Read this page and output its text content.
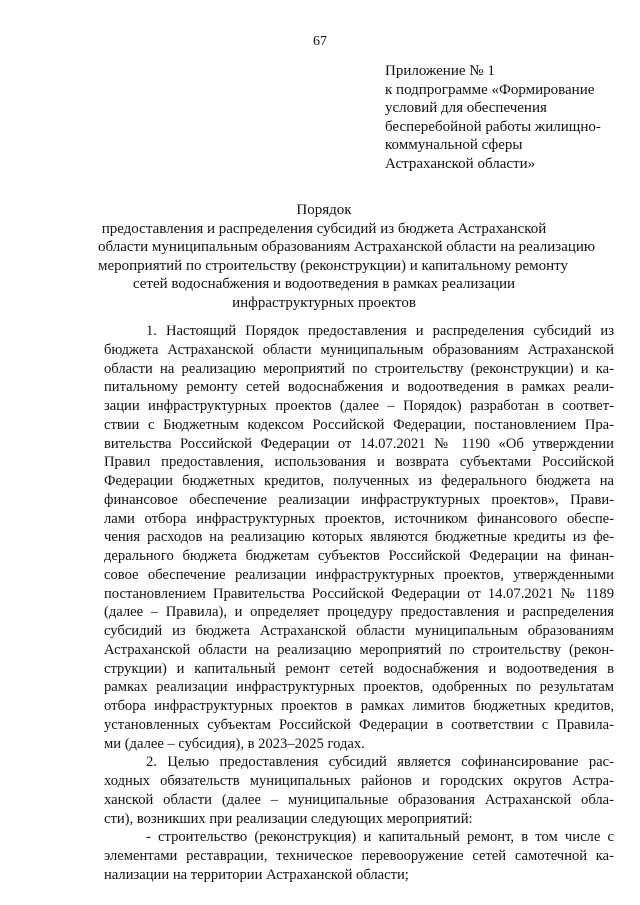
67
Приложение № 1
к подпрограмме «Формирование
условий для обеспечения
бесперебойной работы жилищно-
коммунальной сферы
Астраханской области»
Порядок
предоставления и распределения субсидий из бюджета Астраханской
области муниципальным образованиям Астраханской области на реализацию
мероприятий по строительству (реконструкции) и капитальному ремонту
сетей водоснабжения и водоотведения в рамках реализации
инфраструктурных проектов
1. Настоящий Порядок предоставления и распределения субсидий из
бюджета Астраханской области муниципальным образованиям Астраханской
области на реализацию мероприятий по строительству (реконструкции) и ка-
питальному ремонту сетей водоснабжения и водоотведения в рамках реали-
зации инфраструктурных проектов (далее – Порядок) разработан в соответ-
ствии с Бюджетным кодексом Российской Федерации, постановлением Пра-
вительства Российской Федерации от 14.07.2021 № 1190 «Об утверждении
Правил предоставления, использования и возврата субъектами Российской
Федерации бюджетных кредитов, полученных из федерального бюджета на
финансовое обеспечение реализации инфраструктурных проектов», Прави-
лами отбора инфраструктурных проектов, источником финансового обеспе-
чения расходов на реализацию которых являются бюджетные кредиты из фе-
дерального бюджета бюджетам субъектов Российской Федерации на финан-
совое обеспечение реализации инфраструктурных проектов, утвержденными
постановлением Правительства Российской Федерации от 14.07.2021 № 1189
(далее – Правила), и определяет процедуру предоставления и распределения
субсидий из бюджета Астраханской области муниципальным образованиям
Астраханской области на реализацию мероприятий по строительству (рекон-
струкции) и капитальный ремонт сетей водоснабжения и водоотведения в
рамках реализации инфраструктурных проектов, одобренных по результатам
отбора инфраструктурных проектов в рамках лимитов бюджетных кредитов,
установленных субъектам Российской Федерации в соответствии с Правила-
ми (далее – субсидия), в 2023–2025 годах.
2. Целью предоставления субсидий является софинансирование рас-
ходных обязательств муниципальных районов и городских округов Астра-
ханской области (далее – муниципальные образования Астраханской обла-
сти), возникших при реализации следующих мероприятий:
- строительство (реконструкция) и капитальный ремонт, в том числе с
элементами реставрации, техническое перевооружение сетей самотечной ка-
нализации на территории Астраханской области;
